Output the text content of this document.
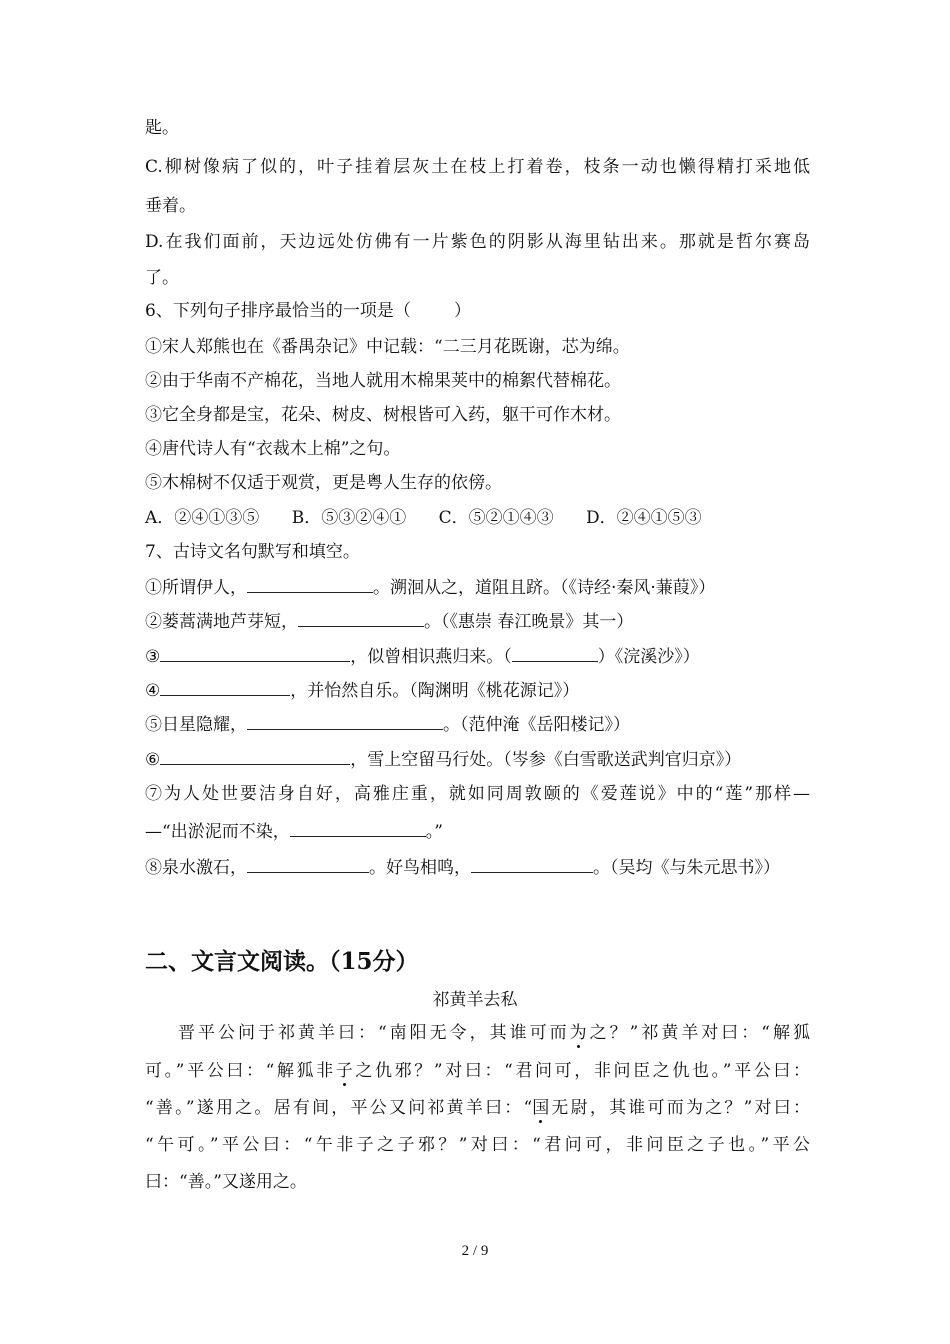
匙。
C.柳树像病了似的，叶子挂着层灰土在枝上打着卷，枝条一动也懒得精打采地低
垂着。
D.在我们面前，天边远处仿佛有一片紫色的阴影从海里钻出来。那就是哲尔赛岛
了。
6、下列句子排序最恰当的一项是（        ）
①宋人郑熊也在《番禺杂记》中记载：“二三月花既谢，芯为绵。
②由于华南不产棉花，当地人就用木棉果荚中的棉絮代替棉花。
③它全身都是宝，花朵、树皮、树根皆可入药，躯干可作木材。
④唐代诗人有“衣裁木上棉”之句。
⑤木棉树不仅适于观赏，更是粤人生存的依傍。
A．②④①③⑤      B．⑤③②④①      C．⑤②①④③      D．②④①⑤③
7、古诗文名句默写和填空。
①所谓伊人，	。溯洄从之，道阻且跻。（《诗经·秦风·蒹葭》）
②蒌蒿满地芦芽短，	。（《惠崇 春江晚景》其一）
③	，似曾相识燕归来。（	）《浣溪沙》）
④	，并怡然自乐。（陶渊明《桃花源记》）
⑤日星隐耀，	。（范仲淹《岳阳楼记》）
⑥	，雪上空留马行处。（岑参《白雪歌送武判官归京》）
⑦为人处世要洁身自好，高雅庄重，就如同周敦颐的《爱莲说》中的“莲”那样—
—“出淤泥而不染，	。”
⑧泉水激石，	。好鸟相鸣，	。（吴均《与朱元思书》）
二、文言文阅读。（15分）
祁黄羊去私
晋平公问于祁黄羊曰：“南阳无令，其谁可而为之？”祁黄羊对曰：“解狐
可。”平公曰：“解狐非子之仇邪？”对曰：“君问可，非问臣之仇也。”平公曰：
“善。”遂用之。居有间，平公又问祁黄羊曰：“国无尉，其谁可而为之？”对曰：
“午可。”平公曰：“午非子之子邪？”对曰：“君问可，非问臣之子也。”平公
曰：“善。”又遂用之。
2 / 9
